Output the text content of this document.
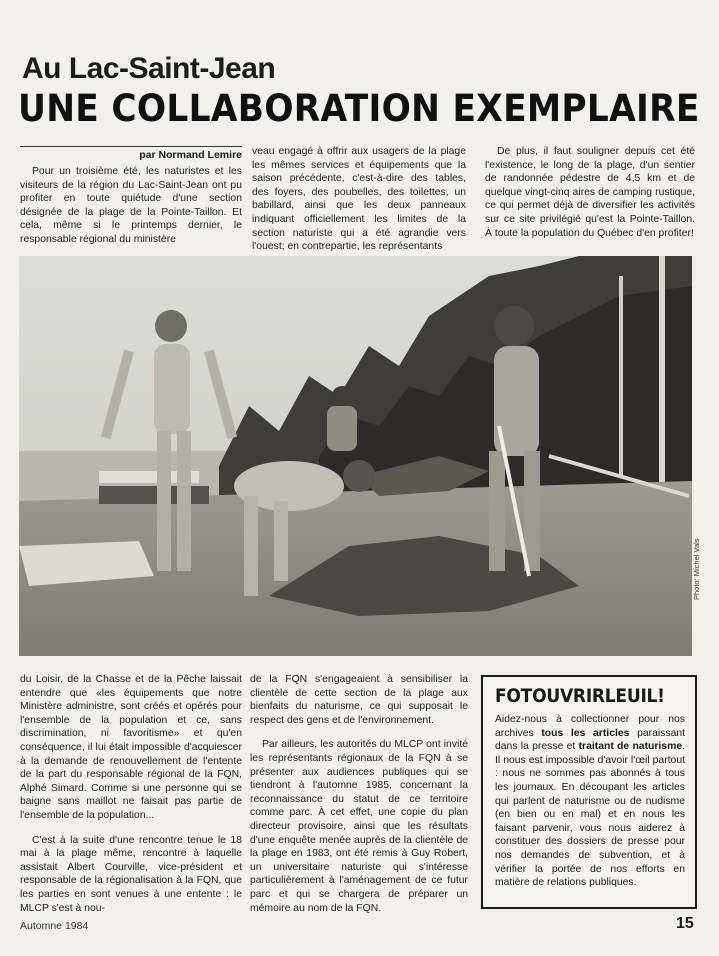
Au Lac-Saint-Jean
UNE COLLABORATION EXEMPLAIRE
par Normand Lemire

Pour un troisième été, les naturistes et les visiteurs de la région du Lac-Saint-Jean ont pu profiter en toute quiétude d'une section désignée de la plage de la Pointe-Taillon. Et cela, même si le printemps dernier, le responsable régional du ministère

veau engagé à offrir aux usagers de la plage les mêmes services et équipements que la saison précédente, c'est-à-dire des tables, des foyers, des poubelles, des toilettes, un babillard, ainsi que les deux panneaux indiquant officiellement les limites de la section naturiste qui a été agrandie vers l'ouest; en contrepartie, les représentants

De plus, il faut souligner depuis cet été l'existence, le long de la plage, d'un sentier de randonnée pédestre de 4,5 km et de quelque vingt-cinq aires de camping rustique, ce qui permet déjà de diversifier les activités sur ce site privilégié qu'est la Pointe-Taillon. À toute la population du Québec d'en profiter!

Photo: Michel Vals

du Loisir, de la Chasse et de la Pêche laissait entendre que «les équipements que notre Ministère administre, sont créés et opérés pour l'ensemble de la population et ce, sans discrimination, ni favoritisme» et qu'en conséquence, il lui était impossible d'acquiescer à la demande de renouvellement de l'entente de la part du responsable régional de la FQN, Alphé Simard. Comme si une personne qui se baigne sans maillot ne faisait pas partie de l'ensemble de la population...

C'est à la suite d'une rencontre tenue le 18 mai à la plage même, rencontre à laquelle assistait Albert Courville, vice-président et responsable de la régionalisation à la FQN, que les parties en sont venues à une entente : le MLCP s'est à nou-

de la FQN s'engageaient à sensibiliser la clientèle de cette section de la plage aux bienfaits du naturisme, ce qui supposait le respect des gens et de l'environnement.

Par ailleurs, les autorités du MLCP ont invité les représentants régionaux de la FQN à se présenter aux audiences publiques qui se tiendront à l'automne 1985, concernant la reconnaissance du statut de ce territoire comme parc. À cet effet, une copie du plan directeur provisoire, ainsi que les résultats d'une enquête menée auprès de la clientèle de la plage en 1983, ont été remis à Guy Robert, un universitaire naturiste qui s'intéresse particulièrement à l'aménagement de ce futur parc et qui se chargera de préparer un mémoire au nom de la FQN.

FOTOUVRIRLEUIL!
Aidez-nous à collectionner pour nos archives tous les articles paraissant dans la presse et traitant de naturisme. Il nous est impossible d'avoir l'œil partout : nous ne sommes pas abonnés à tous les journaux. En découpant les articles qui parlent de naturisme ou de nudisme (en bien ou en mal) et en nous les faisant parvenir, vous nous aiderez à constituer des dossiers de presse pour nos demandes de subvention, et à vérifier la portée de nos efforts en matière de relations publiques.
Automne 1984	15
